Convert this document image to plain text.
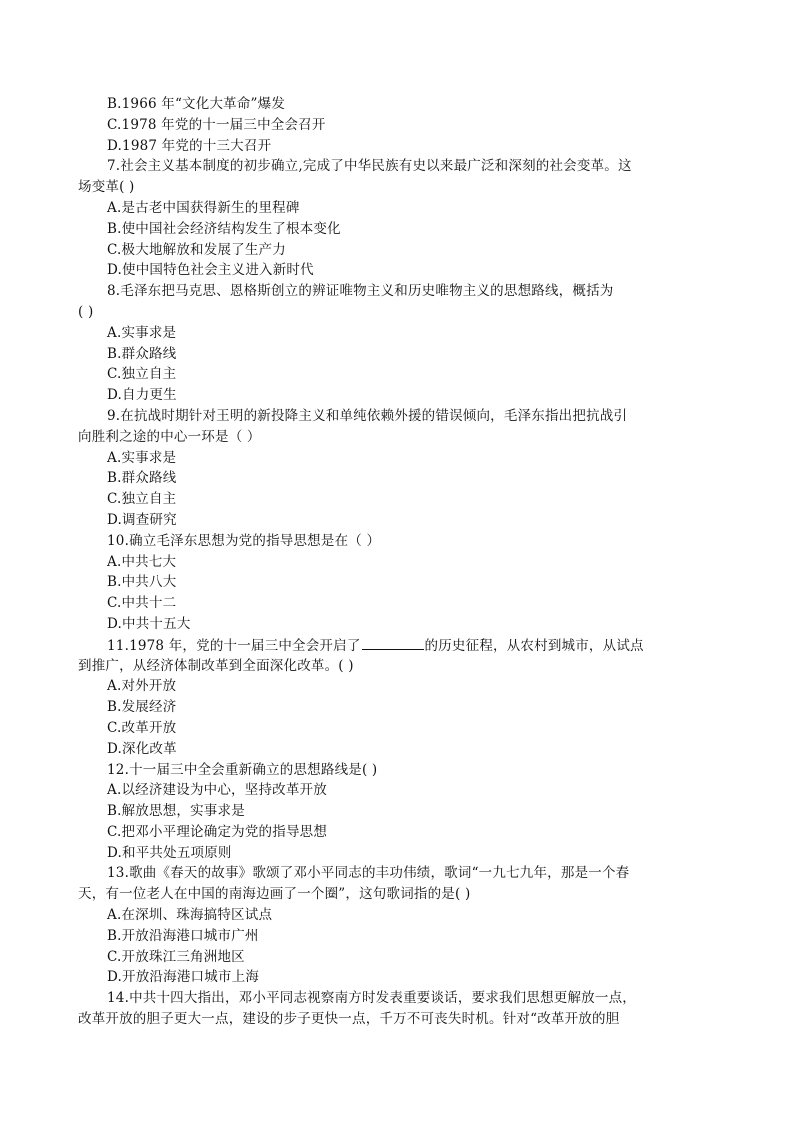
B.1966 年“文化大革命”爆发
C.1978 年党的十一届三中全会召开
D.1987 年党的十三大召开
7.社会主义基本制度的初步确立,完成了中华民族有史以来最广泛和深刻的社会变革。这
场变革( )
A.是古老中国获得新生的里程碑
B.使中国社会经济结构发生了根本变化
C.极大地解放和发展了生产力
D.使中国特色社会主义进入新时代
8.毛泽东把马克思、恩格斯创立的辨证唯物主义和历史唯物主义的思想路线，概括为
( )
A.实事求是
B.群众路线
C.独立自主
D.自力更生
9.在抗战时期针对王明的新投降主义和单纯依赖外援的错误倾向，毛泽东指出把抗战引
向胜利之途的中心一环是（ ）
A.实事求是
B.群众路线
C.独立自主
D.调查研究
10.确立毛泽东思想为党的指导思想是在（ ）
A.中共七大
B.中共八大
C.中共十二
D.中共十五大
11.1978 年，党的十一届三中全会开启了	的历史征程，从农村到城市，从试点
到推广，从经济体制改革到全面深化改革。( )
A.对外开放
B.发展经济
C.改革开放
D.深化改革
12.十一届三中全会重新确立的思想路线是( )
A.以经济建设为中心，坚持改革开放
B.解放思想，实事求是
C.把邓小平理论确定为党的指导思想
D.和平共处五项原则
13.歌曲《春天的故事》歌颂了邓小平同志的丰功伟绩，歌词“一九七九年，那是一个春
天，有一位老人在中国的南海边画了一个圈”，这句歌词指的是( )
A.在深圳、珠海搞特区试点
B.开放沿海港口城市广州
C.开放珠江三角洲地区
D.开放沿海港口城市上海
14.中共十四大指出，邓小平同志视察南方时发表重要谈话，要求我们思想更解放一点，
改革开放的胆子更大一点，建设的步子更快一点，千万不可丧失时机。针对“改革开放的胆
